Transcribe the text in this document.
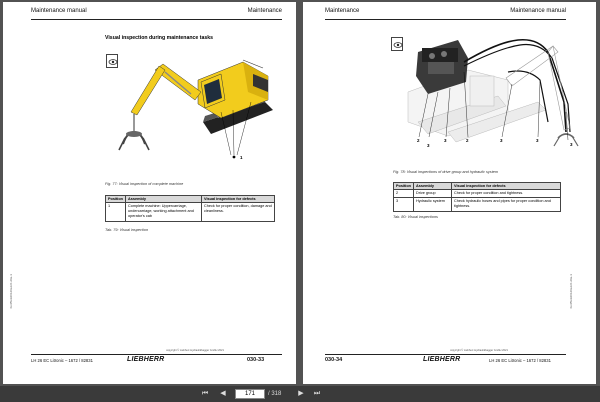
Maintenance manual	Maintenance
Visual inspection during maintenance tasks
1
Fig. 77: Visual inspection of complete machine
Position	Assembly	Visual inspection for defects
1	Complete machine: Uppercarriage, undercarriage, working attachment and operator's cab	Check for proper condition, damage and cleanliness.
Tab. 79: Visual inspection
0e3f5e9d01d0a2c0-d0a-3
copyright © Liebherr-Hydraulikbagger GmbH 2021
LH 26 EC Litronic – 1672 / 82831	LIEBHERR	030-33
Maintenance	Maintenance manual
2
3
3	2	3	3
3
Fig. 78: Visual inspections of drive group and hydraulic system
Position	Assembly	Visual inspection for defects
2	Drive group	Check for proper condition and tightness.
3	Hydraulic system	Check hydraulic hoses and pipes for proper condition and tightness.
Tab. 80: Visual inspections
0e3f5e9d01d0a2c0-d0a-3
copyright © Liebherr-Hydraulikbagger GmbH 2021
030-34	LIEBHERR	LH 26 EC Litronic – 1672 / 82831
⏮	◀	171	/ 318	▶	⏭
